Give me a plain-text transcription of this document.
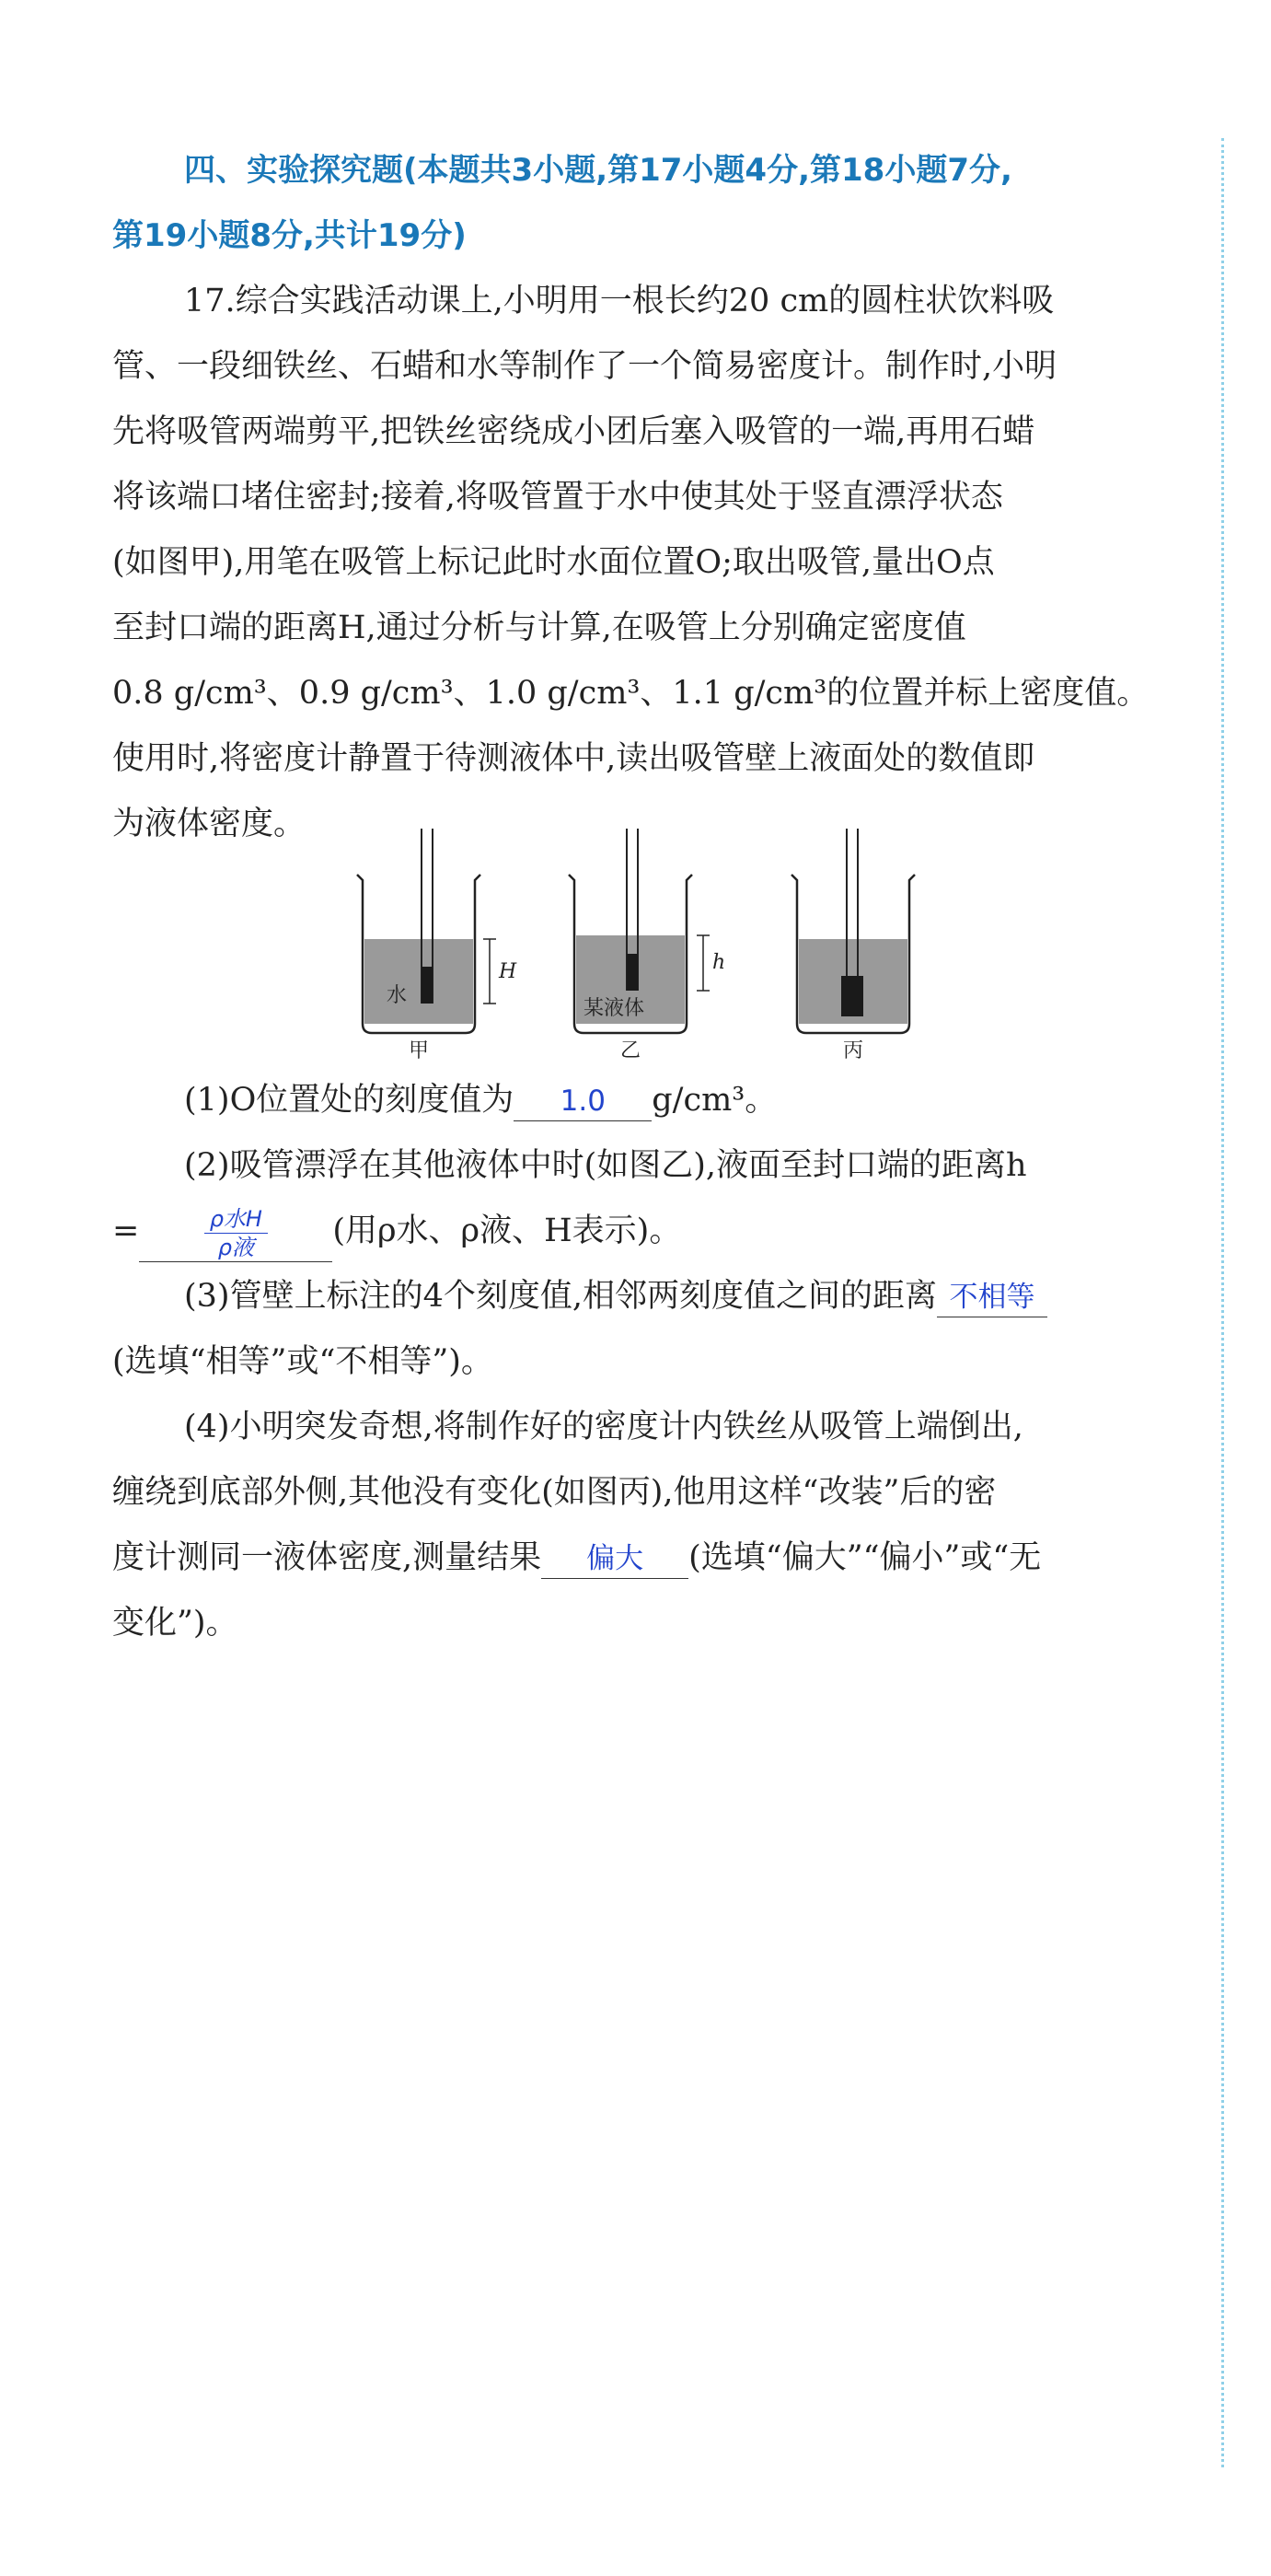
四、实验探究题(本题共3小题,第17小题4分,第18小题7分,

第19小题8分,共计19分)

17.综合实践活动课上,小明用一根长约20 cm的圆柱状饮料吸

管、一段细铁丝、石蜡和水等制作了一个简易密度计。制作时,小明

先将吸管两端剪平,把铁丝密绕成小团后塞入吸管的一端,再用石蜡

将该端口堵住密封;接着,将吸管置于水中使其处于竖直漂浮状态

(如图甲),用笔在吸管上标记此时水面位置O;取出吸管,量出O点

至封口端的距离H,通过分析与计算,在吸管上分别确定密度值

0.8 g/cm³、0.9 g/cm³、1.0 g/cm³、1.1 g/cm³的位置并标上密度值。

使用时,将密度计静置于待测液体中,读出吸管壁上液面处的数值即

为液体密度。

水
H
甲
某液体
h
乙	丙

(1)O位置处的刻度值为 1.0 g/cm³。

(2)吸管漂浮在其他液体中时(如图乙),液面至封口端的距离h

=	$\frac{\text{ρ水H}}{\text{ρ液}}$ (用ρ水、ρ液、H表示)。

(3)管壁上标注的4个刻度值,相邻两刻度值之间的距离 不相等

(选填“相等”或“不相等”)。

(4)小明突发奇想,将制作好的密度计内铁丝从吸管上端倒出,

缠绕到底部外侧,其他没有变化(如图丙),他用这样“改装”后的密

度计测同一液体密度,测量结果 偏大 (选填“偏大”“偏小”或“无

变化”)。
